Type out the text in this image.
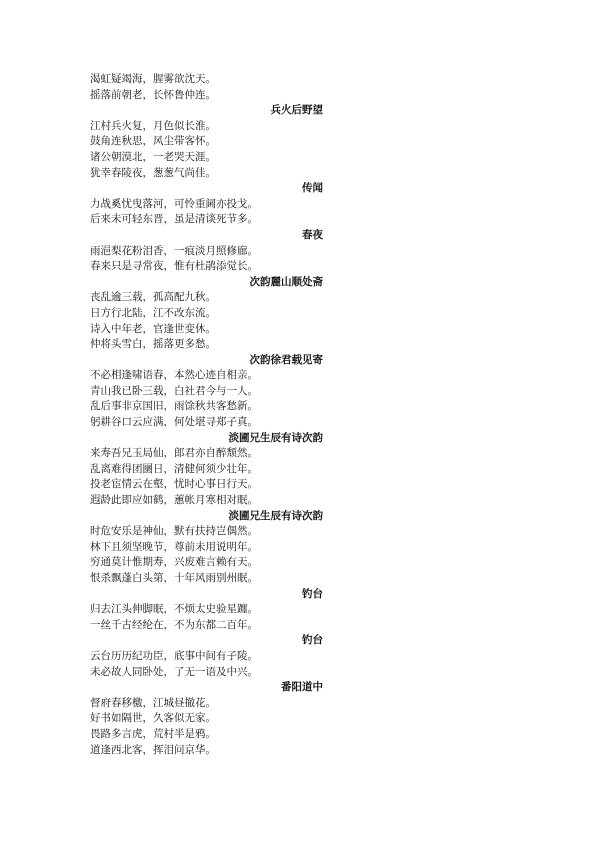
渴虹疑竭海，腥雾欲沈天。
摇落前朝老，长怀鲁仲连。
兵火后野望
江村兵火复，月色似长淮。
鼓角连秋思，风尘带客怀。
诸公朝漠北，一老哭天涯。
犹幸春陵夜，葱葱气尚佳。
传闻
力战奚忧曳落河，可怜重阃亦投戈。
后来未可轻东晋，虽是清谈死节多。
春夜
雨浥梨花粉泪香，一痕淡月照修廊。
春来只是寻常夜，惟有杜鹃添觉长。
次韵麗山顺处斋
丧乱逾三载，孤高配九秋。
日方行北陆，江不改东流。
诗入中年老，官逢世变休。
仲将头雪白，摇落更多愁。
次韵徐君载见寄
不必相逢啸语春，本然心迹自相亲。
青山我已卧三载，白社君今与一人。
乱后事非京国旧，雨馀秋共客愁新。
躬耕谷口云应满，何处堪寻郑子真。
淡圃兄生辰有诗次韵
来寿吾兄玉局仙，郎君亦自醉颓然。
乱离难得团圞日，清健何须少壮年。
投老宦情云在壑，忧时心事日行天。
遐龄此即应如鹤，蕙帐月寒相对眠。
淡圃兄生辰有诗次韵
时危安乐是神仙，默有扶持岂偶然。
林下且须坚晚节，尊前未用说明年。
穷通莫计惟期寿，兴废难言赖有天。
恨杀飘蓬白头第，十年风雨别州眠。
钓台
归去江头伸脚眠，不烦太史验星躔。
一丝千古经纶在，不为东都二百年。
钓台
云台历历纪功臣，底事中间有子陵。
未必故人同卧处，了无一语及中兴。
番阳道中
督府春移檄，江城昼撤花。
好书如隔世，久客似无家。
畏路多言虎，荒村半是鸦。
道逢西北客，挥泪问京华。
